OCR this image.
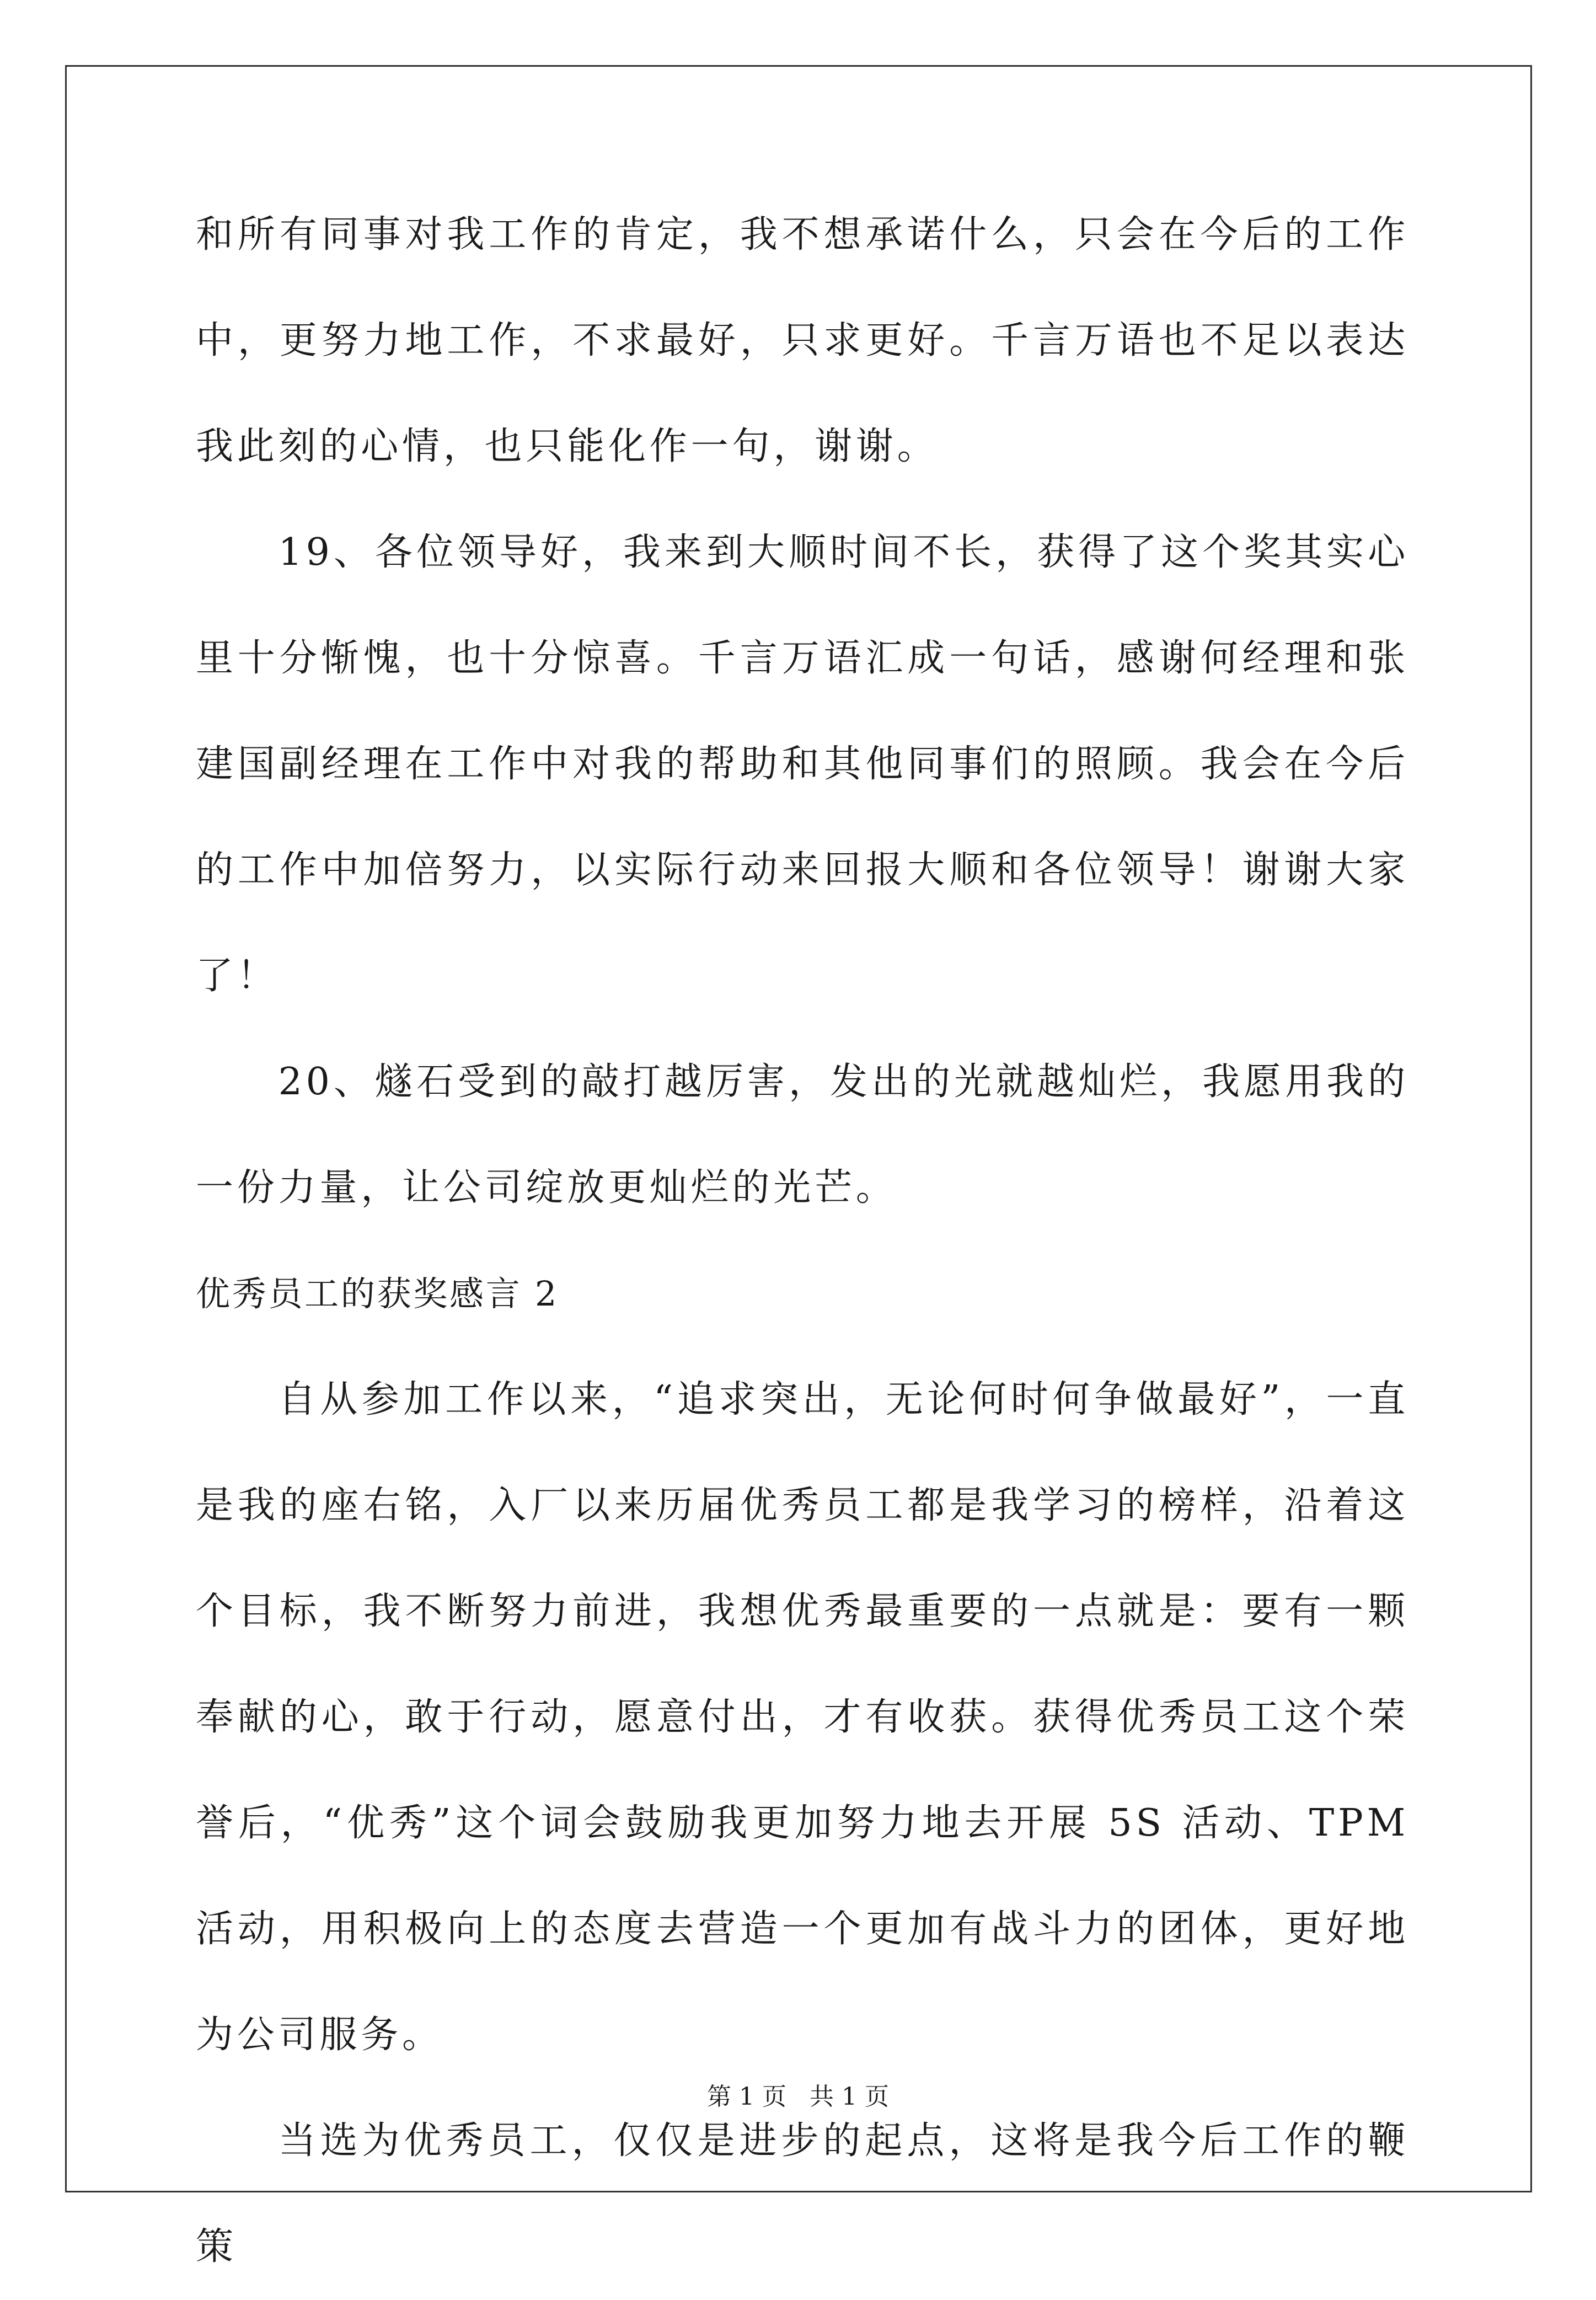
和所有同事对我工作的肯定，我不想承诺什么，只会在今后的工作中，更努力地工作，不求最好，只求更好。千言万语也不足以表达我此刻的心情，也只能化作一句，谢谢。

19、各位领导好，我来到大顺时间不长，获得了这个奖其实心里十分惭愧，也十分惊喜。千言万语汇成一句话，感谢何经理和张建国副经理在工作中对我的帮助和其他同事们的照顾。我会在今后的工作中加倍努力，以实际行动来回报大顺和各位领导！谢谢大家了！

20、燧石受到的敲打越厉害，发出的光就越灿烂，我愿用我的一份力量，让公司绽放更灿烂的光芒。

优秀员工的获奖感言 2

自从参加工作以来，“追求突出，无论何时何争做最好”，一直是我的座右铭，入厂以来历届优秀员工都是我学习的榜样，沿着这个目标，我不断努力前进，我想优秀最重要的一点就是：要有一颗奉献的心，敢于行动，愿意付出，才有收获。获得优秀员工这个荣誉后，“优秀”这个词会鼓励我更加努力地去开展 5S 活动、TPM 活动，用积极向上的态度去营造一个更加有战斗力的团体，更好地为公司服务。

当选为优秀员工，仅仅是进步的起点，这将是我今后工作的鞭策

第 1 页 共 1 页
